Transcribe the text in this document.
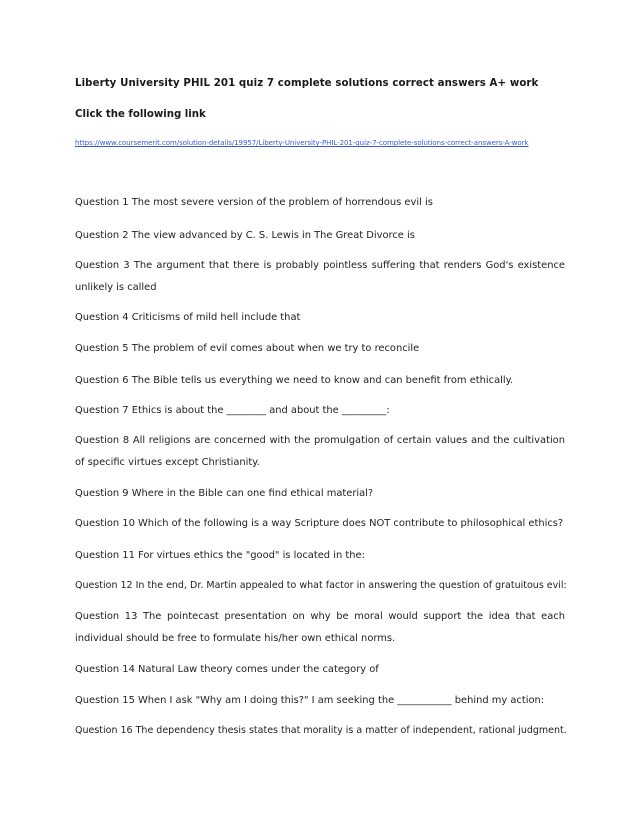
Liberty University PHIL 201 quiz 7 complete solutions correct answers A+ work
Click the following link
https://www.coursemerit.com/solution-details/19957/Liberty-University-PHIL-201-quiz-7-complete-solutions-correct-answers-A-work
Question 1 The most severe version of the problem of horrendous evil is
Question 2 The view advanced by C. S. Lewis in The Great Divorce is
Question 3 The argument that there is probably pointless suffering that renders God's existence unlikely is called
Question 4 Criticisms of mild hell include that
Question 5 The problem of evil comes about when we try to reconcile
Question 6 The Bible tells us everything we need to know and can benefit from ethically.
Question 7 Ethics is about the ________ and about the _________:
Question 8 All religions are concerned with the promulgation of certain values and the cultivation of specific virtues except Christianity.
Question 9 Where in the Bible can one find ethical material?
Question 10 Which of the following is a way Scripture does NOT contribute to philosophical ethics?
Question 11 For virtues ethics the "good" is located in the:
Question 12 In the end, Dr. Martin appealed to what factor in answering the question of gratuitous evil:
Question 13 The pointecast presentation on why be moral would support the idea that each individual should be free to formulate his/her own ethical norms.
Question 14 Natural Law theory comes under the category of
Question 15 When I ask "Why am I doing this?" I am seeking the ___________ behind my action:
Question 16 The dependency thesis states that morality is a matter of independent, rational judgment.
